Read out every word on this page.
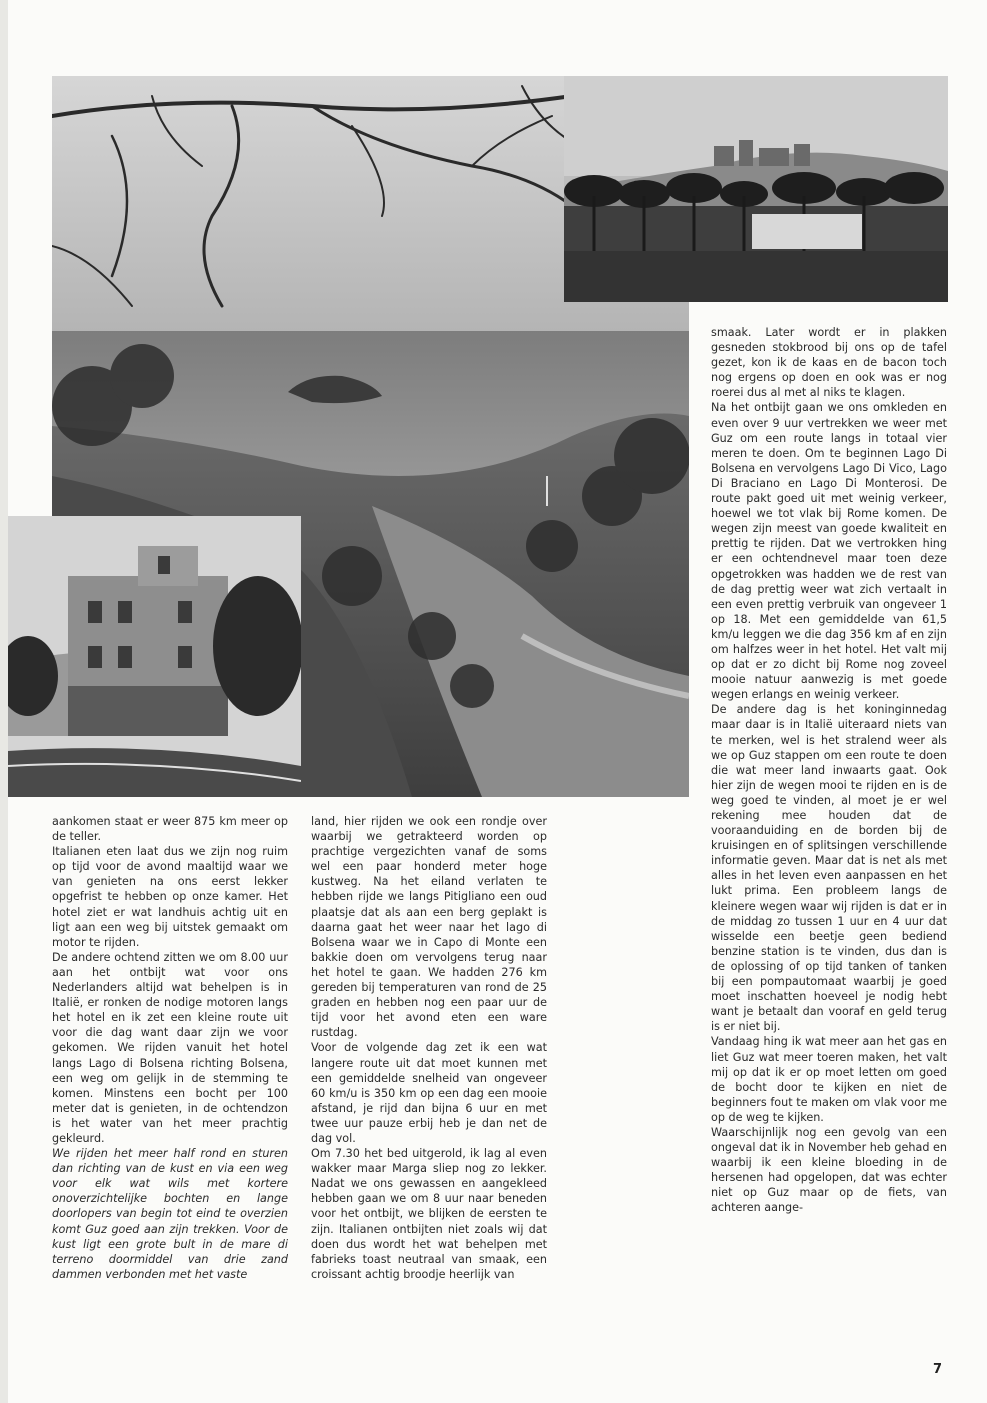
aankomen staat er weer 875 km meer op de teller.

Italianen eten laat dus we zijn nog ruim op tijd voor de avond maaltijd waar we van genieten na ons eerst lekker opgefrist te hebben op onze kamer. Het hotel ziet er wat landhuis achtig uit en ligt aan een weg bij uitstek gemaakt om motor te rijden.

De andere ochtend zitten we om 8.00 uur aan het ontbijt wat voor ons Nederlanders altijd wat behelpen is in Italië, er ronken de nodige motoren langs het hotel en ik zet een kleine route uit voor die dag want daar zijn we voor gekomen. We rijden vanuit het hotel langs Lago di Bolsena richting Bolsena, een weg om gelijk in de stemming te komen. Minstens een bocht per 100 meter dat is genieten, in de ochtendzon is het water van het meer prachtig gekleurd.

We rijden het meer half rond en sturen dan richting van de kust en via een weg voor elk wat wils met kortere onoverzichtelijke bochten en lange doorlopers van begin tot eind te overzien komt Guz goed aan zijn trekken. Voor de kust ligt een grote bult in de mare di terreno doormiddel van drie zand dammen verbonden met het vaste

land, hier rijden we ook een rondje over waarbij we getrakteerd worden op prachtige vergezichten vanaf de soms wel een paar honderd meter hoge kustweg. Na het eiland verlaten te hebben rijde we langs Pitigliano een oud plaatsje dat als aan een berg geplakt is daarna gaat het weer naar het lago di Bolsena waar we in Capo di Monte een bakkie doen om vervolgens terug naar het hotel te gaan. We hadden 276 km gereden bij temperaturen van rond de 25 graden en hebben nog een paar uur de tijd voor het avond eten een ware rustdag.

Voor de volgende dag zet ik een wat langere route uit dat moet kunnen met een gemiddelde snelheid van ongeveer 60 km/u is 350 km op een dag een mooie afstand, je rijd dan bijna 6 uur en met twee uur pauze erbij heb je dan net de dag vol.

Om 7.30 het bed uitgerold, ik lag al even wakker maar Marga sliep nog zo lekker. Nadat we ons gewassen en aangekleed hebben gaan we om 8 uur naar beneden voor het ontbijt, we blijken de eersten te zijn. Italianen ontbijten niet zoals wij dat doen dus wordt het wat behelpen met fabrieks toast neutraal van smaak, een croissant achtig broodje heerlijk van

smaak. Later wordt er in plakken gesneden stokbrood bij ons op de tafel gezet, kon ik de kaas en de bacon toch nog ergens op doen en ook was er nog roerei dus al met al niks te klagen.

Na het ontbijt gaan we ons omkleden en even over 9 uur vertrekken we weer met Guz om een route langs in totaal vier meren te doen. Om te beginnen Lago Di Bolsena en vervolgens Lago Di Vico, Lago Di Braciano en Lago Di Monterosi. De route pakt goed uit met weinig verkeer, hoewel we tot vlak bij Rome komen. De wegen zijn meest van goede kwaliteit en prettig te rijden. Dat we vertrokken hing er een ochtendnevel maar toen deze opgetrokken was hadden we de rest van de dag prettig weer wat zich vertaalt in een even prettig verbruik van ongeveer 1 op 18. Met een gemiddelde van 61,5 km/u leggen we die dag 356 km af en zijn om halfzes weer in het hotel. Het valt mij op dat er zo dicht bij Rome nog zoveel mooie natuur aanwezig is met goede wegen erlangs en weinig verkeer.

De andere dag is het koninginnedag maar daar is in Italië uiteraard niets van te merken, wel is het stralend weer als we op Guz stappen om een route te doen die wat meer land inwaarts gaat. Ook hier zijn de wegen mooi te rijden en is de weg goed te vinden, al moet je er wel rekening mee houden dat de vooraanduiding en de borden bij de kruisingen en of splitsingen verschillende informatie geven. Maar dat is net als met alles in het leven even aanpassen en het lukt prima. Een probleem langs de kleinere wegen waar wij rijden is dat er in de middag zo tussen 1 uur en 4 uur dat wisselde een beetje geen bediend benzine station is te vinden, dus dan is de oplossing of op tijd tanken of tanken bij een pompautomaat waarbij je goed moet inschatten hoeveel je nodig hebt want je betaalt dan vooraf en geld terug is er niet bij.

Vandaag hing ik wat meer aan het gas en liet Guz wat meer toeren maken, het valt mij op dat ik er op moet letten om goed de bocht door te kijken en niet de beginners fout te maken om vlak voor me op de weg te kijken.

Waarschijnlijk nog een gevolg van een ongeval dat ik in November heb gehad en waarbij ik een kleine bloeding in de hersenen had opgelopen, dat was echter niet op Guz maar op de fiets, van achteren aange-

7
